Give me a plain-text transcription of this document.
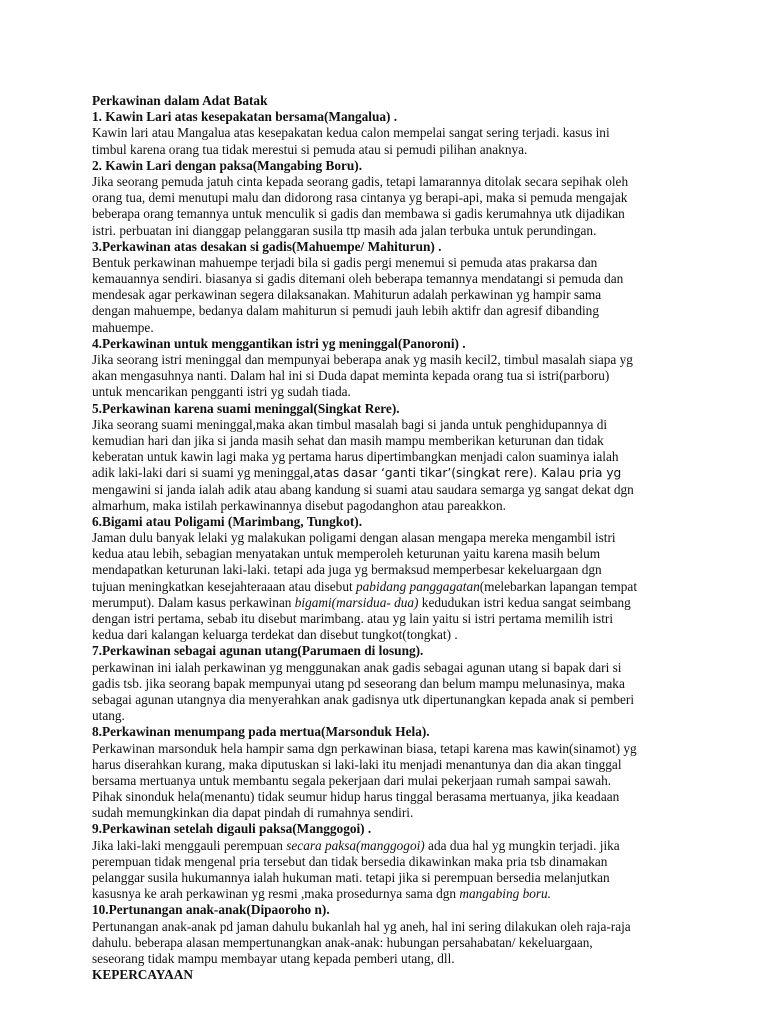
Perkawinan dalam Adat Batak
1. Kawin Lari atas kesepakatan bersama(Mangalua) .
Kawin lari atau Mangalua atas kesepakatan kedua calon mempelai sangat sering terjadi. kasus ini
timbul karena orang tua tidak merestui si pemuda atau si pemudi pilihan anaknya.
2. Kawin Lari dengan paksa(Mangabing Boru).
Jika seorang pemuda jatuh cinta kepada seorang gadis, tetapi lamarannya ditolak secara sepihak oleh
orang tua, demi menutupi malu dan didorong rasa cintanya yg berapi-api, maka si pemuda mengajak
beberapa orang temannya untuk menculik si gadis dan membawa si gadis kerumahnya utk dijadikan
istri. perbuatan ini dianggap pelanggaran susila ttp masih ada jalan terbuka untuk perundingan.
3.Perkawinan atas desakan si gadis(Mahuempe/ Mahiturun) .
Bentuk perkawinan mahuempe terjadi bila si gadis pergi menemui si pemuda atas prakarsa dan
kemauannya sendiri. biasanya si gadis ditemani oleh beberapa temannya mendatangi si pemuda dan
mendesak agar perkawinan segera dilaksanakan. Mahiturun adalah perkawinan yg hampir sama
dengan mahuempe, bedanya dalam mahiturun si pemudi jauh lebih aktifr dan agresif dibanding
mahuempe.
4.Perkawinan untuk menggantikan istri yg meninggal(Panoroni) .
Jika seorang istri meninggal dan mempunyai beberapa anak yg masih kecil2, timbul masalah siapa yg
akan mengasuhnya nanti. Dalam hal ini si Duda dapat meminta kepada orang tua si istri(parboru)
untuk mencarikan pengganti istri yg sudah tiada.
5.Perkawinan karena suami meninggal(Singkat Rere).
Jika seorang suami meninggal,maka akan timbul masalah bagi si janda untuk penghidupannya di
kemudian hari dan jika si janda masih sehat dan masih mampu memberikan keturunan dan tidak
keberatan untuk kawin lagi maka yg pertama harus dipertimbangkan menjadi calon suaminya ialah
adik laki-laki dari si suami yg meninggal,atas dasar ‘ganti tikar’(singkat rere). Kalau pria yg
mengawini si janda ialah adik atau abang kandung si suami atau saudara semarga yg sangat dekat dgn
almarhum, maka istilah perkawinannya disebut pagodanghon atau pareakkon.
6.Bigami atau Poligami (Marimbang, Tungkot).
Jaman dulu banyak lelaki yg malakukan poligami dengan alasan mengapa mereka mengambil istri
kedua atau lebih, sebagian menyatakan untuk memperoleh keturunan yaitu karena masih belum
mendapatkan keturunan laki-laki. tetapi ada juga yg bermaksud memperbesar kekeluargaan dgn
tujuan meningkatkan kesejahteraaan atau disebut pabidang panggagatan(melebarkan lapangan tempat
merumput). Dalam kasus perkawinan bigami(marsidua- dua) kedudukan istri kedua sangat seimbang
dengan istri pertama, sebab itu disebut marimbang. atau yg lain yaitu si istri pertama memilih istri
kedua dari kalangan keluarga terdekat dan disebut tungkot(tongkat) .
7.Perkawinan sebagai agunan utang(Parumaen di losung).
perkawinan ini ialah perkawinan yg menggunakan anak gadis sebagai agunan utang si bapak dari si
gadis tsb. jika seorang bapak mempunyai utang pd seseorang dan belum mampu melunasinya, maka
sebagai agunan utangnya dia menyerahkan anak gadisnya utk dipertunangkan kepada anak si pemberi
utang.
8.Perkawinan menumpang pada mertua(Marsonduk Hela).
Perkawinan marsonduk hela hampir sama dgn perkawinan biasa, tetapi karena mas kawin(sinamot) yg
harus diserahkan kurang, maka diputuskan si laki-laki itu menjadi menantunya dan dia akan tinggal
bersama mertuanya untuk membantu segala pekerjaan dari mulai pekerjaan rumah sampai sawah.
Pihak sinonduk hela(menantu) tidak seumur hidup harus tinggal berasama mertuanya, jika keadaan
sudah memungkinkan dia dapat pindah di rumahnya sendiri.
9.Perkawinan setelah digauli paksa(Manggogoi) .
Jika laki-laki menggauli perempuan secara paksa(manggogoi) ada dua hal yg mungkin terjadi. jika
perempuan tidak mengenal pria tersebut dan tidak bersedia dikawinkan maka pria tsb dinamakan
pelanggar susila hukumannya ialah hukuman mati. tetapi jika si perempuan bersedia melanjutkan
kasusnya ke arah perkawinan yg resmi ,maka prosedurnya sama dgn mangabing boru.
10.Pertunangan anak-anak(Dipaoroho n).
Pertunangan anak-anak pd jaman dahulu bukanlah hal yg aneh, hal ini sering dilakukan oleh raja-raja
dahulu. beberapa alasan mempertunangkan anak-anak: hubungan persahabatan/ kekeluargaan,
seseorang tidak mampu membayar utang kepada pemberi utang, dll.
KEPERCAYAAN
